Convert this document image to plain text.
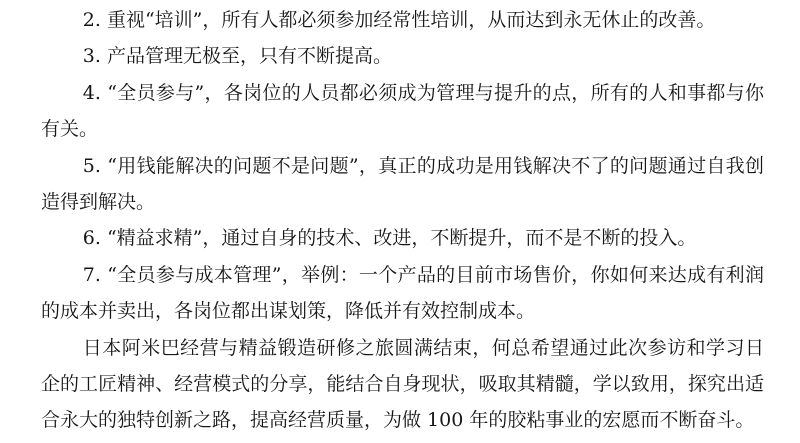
2. 重视“培训”，所有人都必须参加经常性培训，从而达到永无休止的改善。

3. 产品管理无极至，只有不断提高。

4. “全员参与”，各岗位的人员都必须成为管理与提升的点，所有的人和事都与你有关。

5. “用钱能解决的问题不是问题”，真正的成功是用钱解决不了的问题通过自我创造得到解决。

6. “精益求精”，通过自身的技术、改进，不断提升，而不是不断的投入。

7. “全员参与成本管理”，举例：一个产品的目前市场售价，你如何来达成有利润的成本并卖出，各岗位都出谋划策，降低并有效控制成本。

日本阿米巴经营与精益锻造研修之旅圆满结束，何总希望通过此次参访和学习日企的工匠精神、经营模式的分享，能结合自身现状，吸取其精髓，学以致用，探究出适合永大的独特创新之路，提高经营质量，为做 100 年的胶粘事业的宏愿而不断奋斗。
